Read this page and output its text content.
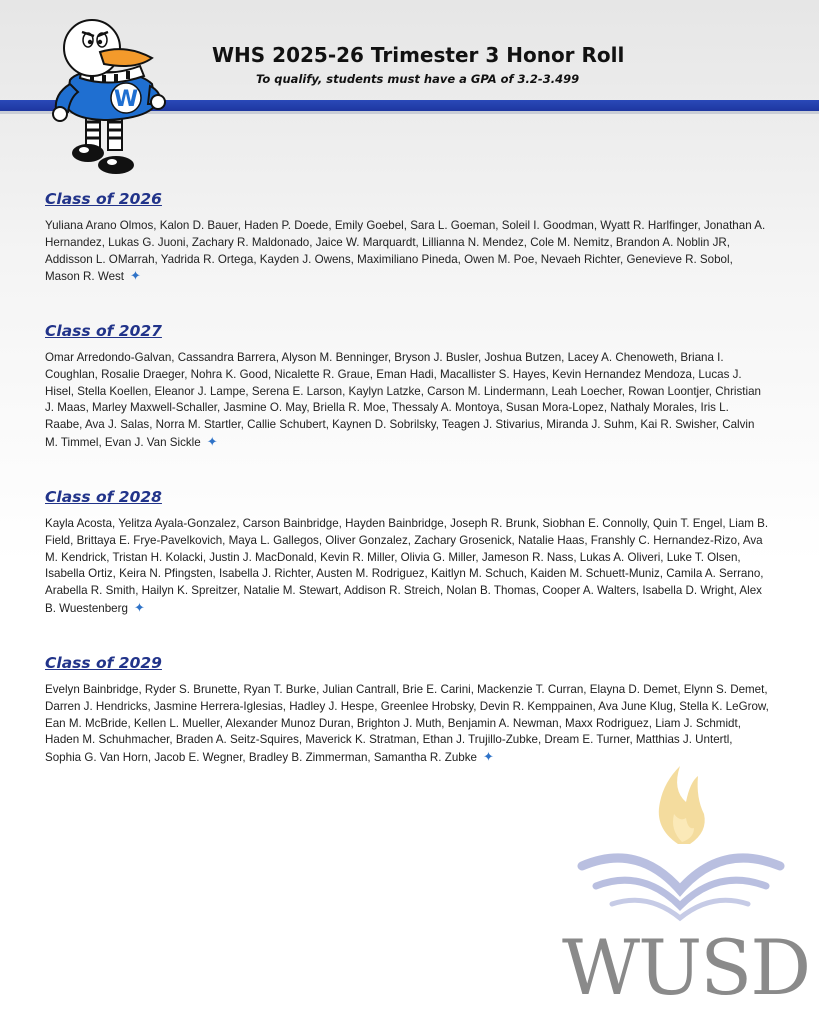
W
WHS 2025-26 Trimester 3 Honor Roll
To qualify, students must have a GPA of 3.2-3.499
Class of 2026

Yuliana Arano Olmos, Kalon D. Bauer, Haden P. Doede, Emily Goebel, Sara L. Goeman, Soleil I. Goodman, Wyatt R. Harlfinger, Jonathan A. Hernandez, Lukas G. Juoni, Zachary R. Maldonado, Jaice W. Marquardt, Lillianna N. Mendez, Cole M. Nemitz, Brandon A. Noblin JR, Addisson L. OMarrah, Yadrida R. Ortega, Kayden J. Owens, Maximiliano Pineda, Owen M. Poe, Nevaeh Richter, Genevieve R. Sobol, Mason R. West ✦

Class of 2027

Omar Arredondo-Galvan, Cassandra Barrera, Alyson M. Benninger, Bryson J. Busler, Joshua Butzen, Lacey A. Chenoweth, Briana I. Coughlan, Rosalie Draeger, Nohra K. Good, Nicalette R. Graue, Eman Hadi, Macallister S. Hayes, Kevin Hernandez Mendoza, Lucas J. Hisel, Stella Koellen, Eleanor J. Lampe, Serena E. Larson, Kaylyn Latzke, Carson M. Lindermann, Leah Loecher, Rowan Loontjer, Christian J. Maas, Marley Maxwell-Schaller, Jasmine O. May, Briella R. Moe, Thessaly A. Montoya, Susan Mora-Lopez, Nathaly Morales, Iris L. Raabe, Ava J. Salas, Norra M. Startler, Callie Schubert, Kaynen D. Sobrilsky, Teagen J. Stivarius, Miranda J. Suhm, Kai R. Swisher, Calvin M. Timmel, Evan J. Van Sickle ✦

Class of 2028

Kayla Acosta, Yelitza Ayala-Gonzalez, Carson Bainbridge, Hayden Bainbridge, Joseph R. Brunk, Siobhan E. Connolly, Quin T. Engel, Liam B. Field, Brittaya E. Frye-Pavelkovich, Maya L. Gallegos, Oliver Gonzalez, Zachary Grosenick, Natalie Haas, Franshly C. Hernandez-Rizo, Ava M. Kendrick, Tristan H. Kolacki, Justin J. MacDonald, Kevin R. Miller, Olivia G. Miller, Jameson R. Nass, Lukas A. Oliveri, Luke T. Olsen, Isabella Ortiz, Keira N. Pfingsten, Isabella J. Richter, Austen M. Rodriguez, Kaitlyn M. Schuch, Kaiden M. Schuett-Muniz, Camila A. Serrano, Arabella R. Smith, Hailyn K. Spreitzer, Natalie M. Stewart, Addison R. Streich, Nolan B. Thomas, Cooper A. Walters, Isabella D. Wright, Alex B. Wuestenberg ✦

Class of 2029

Evelyn Bainbridge, Ryder S. Brunette, Ryan T. Burke, Julian Cantrall, Brie E. Carini, Mackenzie T. Curran, Elayna D. Demet, Elynn S. Demet, Darren J. Hendricks, Jasmine Herrera-Iglesias, Hadley J. Hespe, Greenlee Hrobsky, Devin R. Kemppainen, Ava June Klug, Stella K. LeGrow, Ean M. McBride, Kellen L. Mueller, Alexander Munoz Duran, Brighton J. Muth, Benjamin A. Newman, Maxx Rodriguez, Liam J. Schmidt, Haden M. Schuhmacher, Braden A. Seitz-Squires, Maverick K. Stratman, Ethan J. Trujillo-Zubke, Dream E. Turner, Matthias J. Untertl, Sophia G. Van Horn, Jacob E. Wegner, Bradley B. Zimmerman, Samantha R. Zubke ✦

WUSD
